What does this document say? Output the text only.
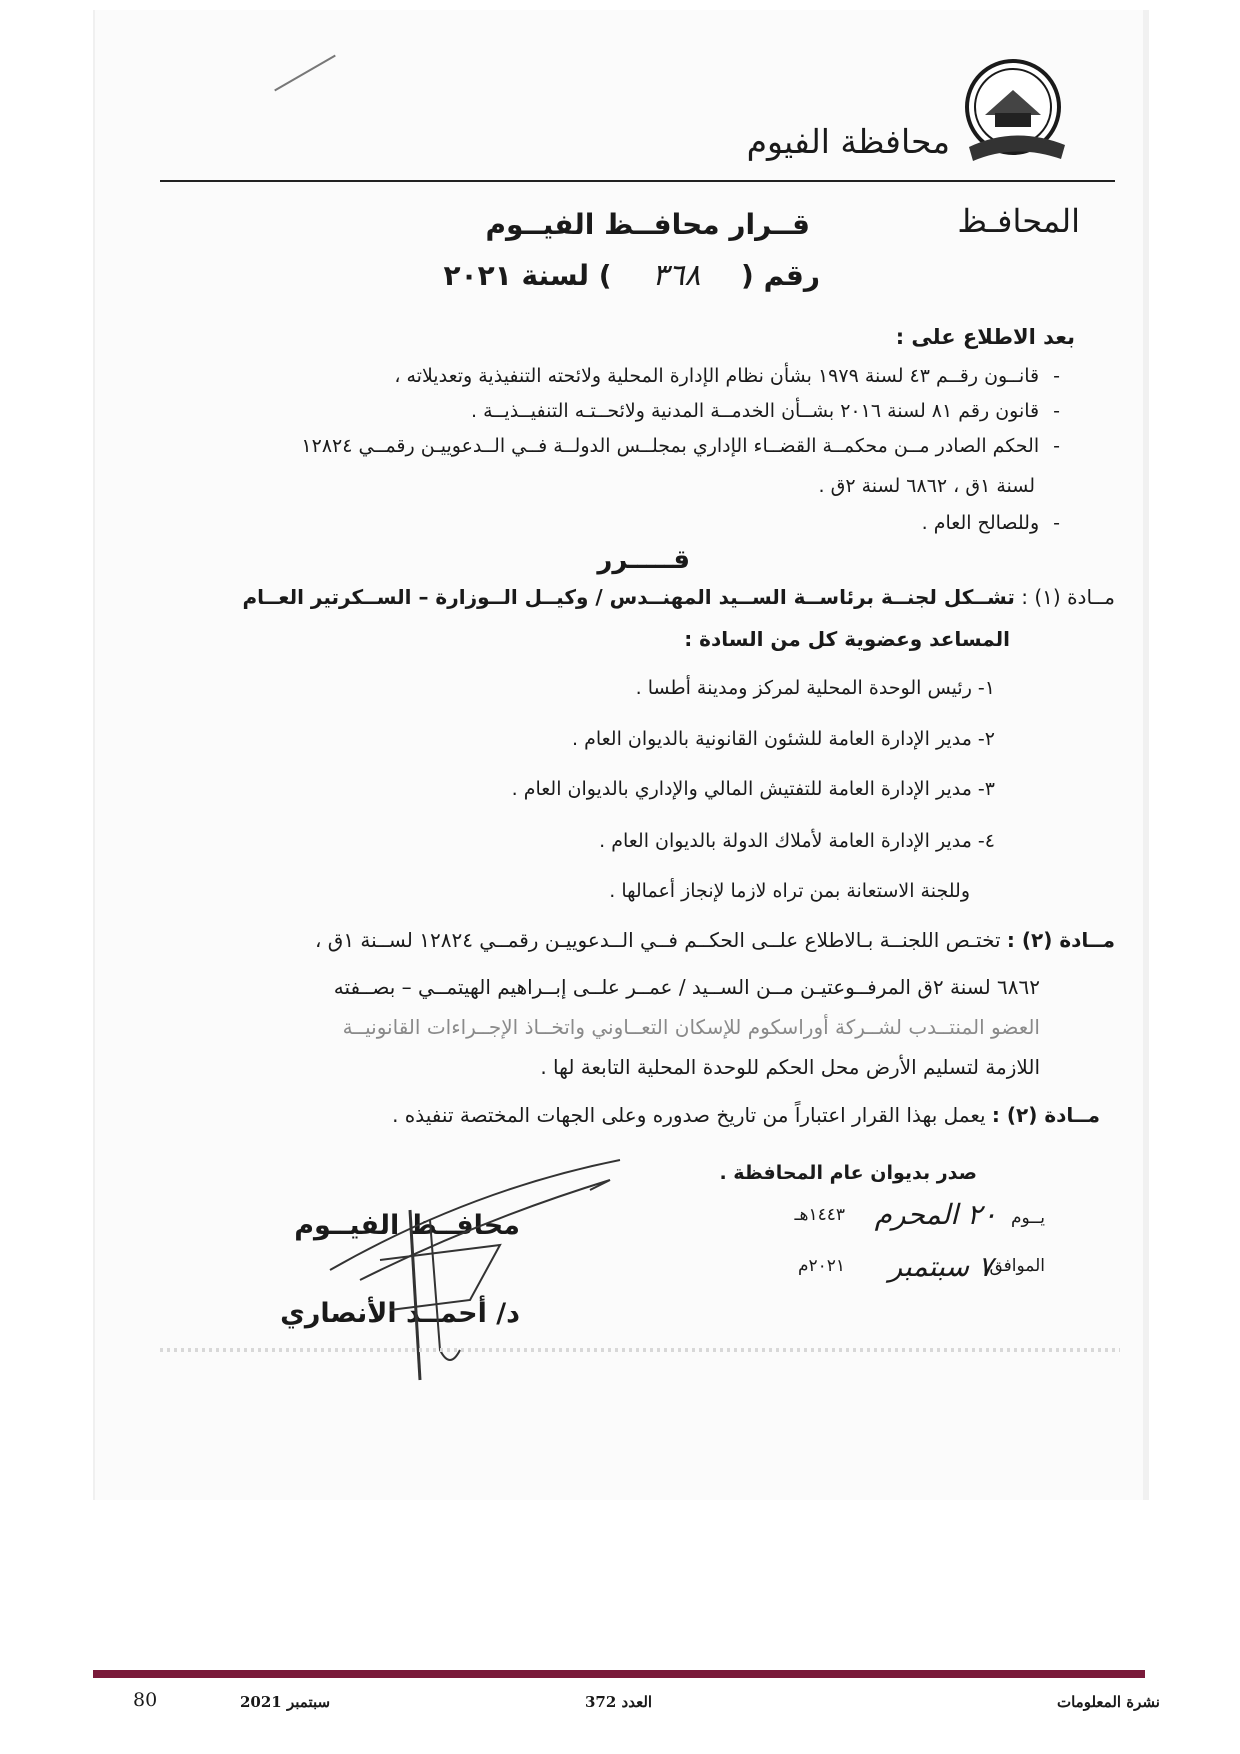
محافظة الفيوم
المحافـظ
قــرار محافــظ الفيــوم
رقم ( ٣٦٨ ) لسنة ٢٠٢١
بعد الاطلاع على :
-قانــون رقــم ٤٣ لسنة ١٩٧٩ بشأن نظام الإدارة المحلية ولائحته التنفيذية وتعديلاته ،
-قانون رقم ٨١ لسنة ٢٠١٦ بشــأن الخدمــة المدنية ولائحــتـه التنفيــذيــة .
-الحكم الصادر مــن محكمــة القضــاء الإداري بمجلــس الدولــة فــي الــدعوييـن رقمــي ١٢٨٢٤
لسنة ١ق ، ٦٨٦٢ لسنة ٢ق .
-وللصالح العام .
قـــــرر
مــادة (١) : تشــكل لجنــة برئاســة الســيد المهنــدس / وكيــل الــوزارة – الســكرتير العــام
المساعد وعضوية كل من السادة :
١- رئيس الوحدة المحلية لمركز ومدينة أطسا .
٢- مدير الإدارة العامة للشئون القانونية بالديوان العام .
٣- مدير الإدارة العامة للتفتيش المالي والإداري بالديوان العام .
٤- مدير الإدارة العامة لأملاك الدولة بالديوان العام .
وللجنة الاستعانة بمن تراه لازما لإنجاز أعمالها .
مــادة (٢) : تختـص اللجنــة بـالاطلاع علــى الحكــم فــي الــدعوييـن رقمــي ١٢٨٢٤ لســنة ١ق ،
٦٨٦٢ لسنة ٢ق المرفــوعتيـن مــن الســيد / عمــر علــى إبــراهيم الهيتمــي – بصــفته
العضو المنتــدب لشــركة أوراسكوم للإسكان التعــاوني واتخــاذ الإجــراءات القانونيــة
اللازمة لتسليم الأرض محل الحكم للوحدة المحلية التابعة لها .
مــادة (٢) : يعمل بهذا القرار اعتباراً من تاريخ صدوره وعلى الجهات المختصة تنفيذه .
صدر بديوان عام المحافظة .
يــوم
٢٠ المحرم
١٤٤٣هـ
الموافق
٧ سبتمبر
٢٠٢١م
محافــظ الفيــوم
د/ أحمــد الأنصاري
نشرة المعلومات
العدد 372
سبتمبر 2021
80
